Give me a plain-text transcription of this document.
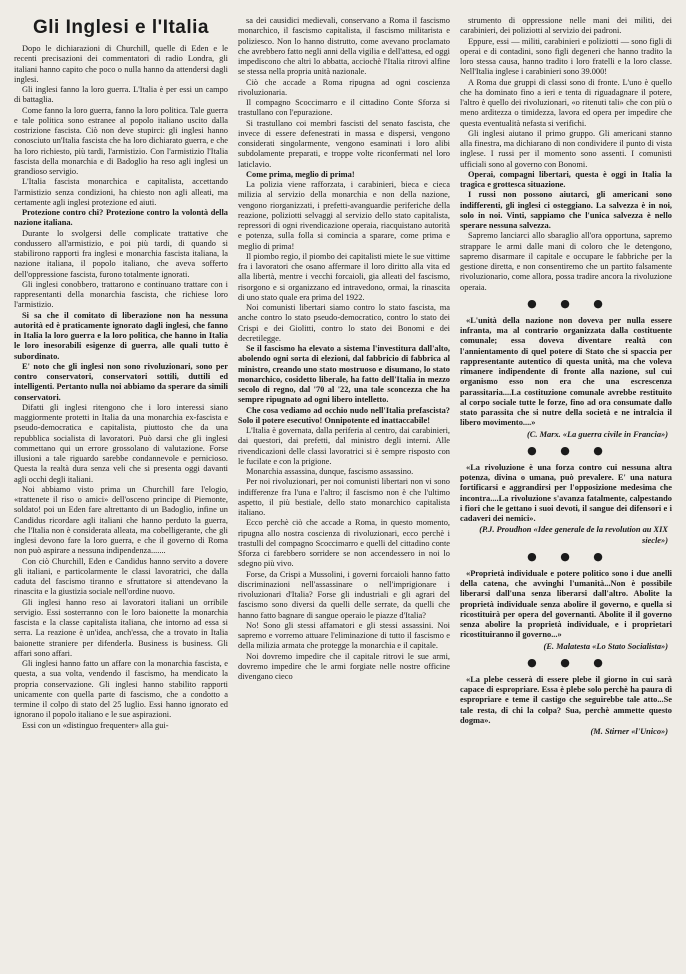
Gli Inglesi e l'Italia

Dopo le dichiarazioni di Churchill, quelle di Eden e le recenti precisazioni dei commentatori di radio Londra, gli italiani hanno capito che poco o nulla hanno da attendersi dagli inglesi.

Gli inglesi fanno la loro guerra. L'Italia è per essi un campo di battaglia.

Come fanno la loro guerra, fanno la loro politica. Tale guerra e tale politica sono estranee al popolo italiano uscito dalla costrizione fascista. Ciò non deve stupirci: gli inglesi hanno conosciuto un'Italia fascista che ha loro dichiarato guerra, e che ha loro richiesto, più tardi, l'armistizio. Con l'armistizio l'Italia fascista della monarchia e di Badoglio ha reso agli inglesi un grandioso servigio.

L'Italia fascista monarchica e capitalista, accettando l'armistizio senza condizioni, ha chiesto non agli alleati, ma certamente agli inglesi protezione ed aiuti.

Protezione contro chi? Protezione contro la volontà della nazione italiana.

Durante lo svolgersi delle complicate trattative che condussero all'armistizio, e poi più tardi, di quando si stabilirono rapporti fra inglesi e monarchia fascista italiana, la nazione italiana, il popolo italiano, che aveva sofferto dell'oppressione fascista, furono totalmente ignorati.

Gli inglesi conobbero, trattarono e continuano trattare con i rappresentanti della monarchia fascista, che richiese loro l'armistizio.

Si sa che il comitato di liberazione non ha nessuna autorità ed è praticamente ignorato dagli inglesi, che fanno in Italia la loro guerra e la loro politica, che hanno in Italia le loro inesorabili esigenze di guerra, alle quali tutto è subordinato.

E' noto che gli inglesi non sono rivoluzionari, sono per contro conservatori, conservatori sottili, duttili ed intelligenti. Pertanto nulla noi abbiamo da sperare da simili conservatori.

Difatti gli inglesi ritengono che i loro interessi siano maggiormente protetti in Italia da una monarchia ex-fascista e pseudo-democratica e capitalista, piuttosto che da una repubblica socialista di lavoratori. Può darsi che gli inglesi commettano qui un errore grossolano di valutazione. Forse illusioni a tale riguardo sarebbe condannevole e pernicioso. Questa la realtà dura senza veli che si presenta oggi davanti agli occhi degli italiani.

Noi abbiamo visto prima un Churchill fare l'elogio, «trattenete il riso o amici» dell'osceno principe di Piemonte, soldato! poi un Eden fare altrettanto di un Badoglio, infine un Candidus ricordare agli italiani che hanno perduto la guerra, che l'Italia non è considerata alleata, ma cobelligerante, che gli inglesi devono fare la loro guerra, e che il governo di Roma non può aspirare a nessuna indipendenza.......

Con ciò Churchill, Eden e Candidus hanno servito a dovere gli italiani, e particolarmente le classi lavoratrici, che dalla caduta del fascismo tiranno e sfruttatore si attendevano la rinascita e la giustizia sociale nell'ordine nuovo.

Gli inglesi hanno reso ai lavoratori italiani un orribile servigio. Essi sosterranno con le loro baionette la monarchia fascista e la classe capitalista italiana, che intorno ad essa si serra. La reazione è un'idea, anch'essa, che a trovato in Italia baionette straniere per difenderla. Business is business. Gli affari sono affari.

Gli inglesi hanno fatto un affare con la monarchia fascista, e questa, a sua volta, vendendo il fascismo, ha mendicato la propria conservazione. Gli inglesi hanno stabilito rapporti unicamente con quella parte di fascismo, che a condotto a termine il colpo di stato del 25 luglio. Essi hanno ignorato ed ignorano il popolo italiano e le sue aspirazioni.

Essi con un «distinguo frequenter» alla gui-

sa dei causidici medievali, conservano a Roma il fascismo monarchico, il fascismo capitalista, il fascismo militarista e poliziesco. Non lo hanno distrutto, come avevano proclamato che avrebbero fatto negli anni della vigilia e dell'attesa, ed oggi impediscono che altri lo abbatta, acciochè l'Italia ritrovi alfine se stessa nella propria unità nazionale.

Ciò che accade a Roma ripugna ad ogni coscienza rivoluzionaria.

Il compagno Scoccimarro e il cittadino Conte Sforza si trastullano con l'epurazione.

Si trastullano coi membri fascisti del senato fascista, che invece di essere defenestrati in massa e dispersi, vengono considerati singolarmente, vengono esaminati i loro alibi subdolamente preparati, e troppe volte riconfermati nel loro laticlavio.

Come prima, meglio di prima!

La polizia viene rafforzata, i carabinieri, bieca e cieca milizia al servizio della monarchia e non della nazione, vengono riorganizzati, i prefetti-avanguardie periferiche della reazione, poliziotti selvaggi al servizio dello stato capitalista, repressori di ogni rivendicazione operaia, riacquistano autorità e potenza, sulla folla si comincia a sparare, come prima e meglio di prima!

Il piombo regio, il piombo dei capitalisti miete le sue vittime fra i lavoratori che osano affermare il loro diritto alla vita ed alla libertà, mentre i vecchi forcaioli, gia alleati del fascismo, risorgono e si organizzano ed intravedono, ormai, la rinascita di uno stato quale era prima del 1922.

Noi comunisti libertari siamo contro lo stato fascista, ma anche contro lo stato pseudo-democratico, contro lo stato dei Crispi e dei Giolitti, contro lo stato dei Bonomi e dei decretilegge.

Se il fascismo ha elevato a sistema l'investitura dall'alto, abolendo ogni sorta di elezioni, dal fabbricio di fabbrica al ministro, creando uno stato mostruoso e disumano, lo stato monarchico, cosidetto liberale, ha fatto dell'Italia in mezzo secolo di regno, dal '70 al '22, una tale sconcezza che ha sempre ripugnato ad ogni libero intelletto.

Che cosa vediamo ad occhio nudo nell'Italia prefascista? Solo il potere esecutivo! Onnipotente ed inattaccabile!

L'Italia è governata, dalla periferia al centro, dai carabinieri, dai questori, dai prefetti, dal ministro degli interni. Alle rivendicazioni delle classi lavoratrici si è sempre risposto con le fucilate e con la prigione.

Monarchia assassina, dunque, fascismo assassino.

Per noi rivoluzionari, per noi comunisti libertari non vi sono indifferenze fra l'una e l'altro; il fascismo non è che l'ultimo aspetto, il più bestiale, dello stato monarchico capitalista italiano.

Ecco perchè ciò che accade a Roma, in questo momento, ripugna allo nostra coscienza di rivoluzionari, ecco perchè i trastulli del compagno Scoccimarro e quelli del cittadino conte Sforza ci farebbero sorridere se non accendessero in noi lo sdegno più vivo.

Forse, da Crispi a Mussolini, i governi forcaioli hanno fatto discriminazioni nell'assassinare o nell'imprigionare i rivoluzionari d'Italia? Forse gli industriali e gli agrari del fascismo sono diversi da quelli delle serrate, da quelli che hanno fatto bagnare di sangue operaio le piazze d'Italia?

No! Sono gli stessi affamatori e gli stessi assassini. Noi sapremo e vorremo attuare l'eliminazione di tutto il fascismo e della milizia armata che protegge la monarchia e il capitale.

Noi dovremo impedire che il capitale ritrovi le sue armi, dovremo impedire che le armi forgiate nelle nostre officine divengano cieco

strumento di oppressione nelle mani dei militi, dei carabinieri, dei poliziotti al servizio dei padroni.

Eppure, essi — militi, carabinieri e poliziotti — sono figli di operai e di contadini, sono figli degeneri che hanno tradito la loro stessa causa, hanno tradito i loro fratelli e la loro classe. Nell'Italia inglese i carabinieri sono 39.000!

A Roma due gruppi di classi sono di fronte. L'uno è quello che ha dominato fino a ieri e tenta di riguadagnare il potere, l'altro è quello dei rivoluzionari, «o ritenuti tali» che con più o meno arditezza o timidezza, lavora ed opera per impedire che questa eventualità nefasta si verifichi.

Gli inglesi aiutano il primo gruppo. Gli americani stanno alla finestra, ma dichiarano di non condividere il punto di vista inglese. I russi per il momento sono assenti. I comunisti ufficiali sono al governo con Bonomi.

Operai, compagni libertari, questa è oggi in Italia la tragica e grottesca situazione.

I russi non possono aiutarci, gli americani sono indifferenti, gli inglesi ci osteggiano. La salvezza è in noi, solo in noi. Vinti, sappiamo che l'unica salvezza è nello sperare nessuna salvezza.

Sapremo lanciarci allo sbaraglio all'ora opportuna, sapremo strappare le armi dalle mani di coloro che le detengono, sapremo disarmare il capitale e occupare le fabbriche per la gestione diretta, e non consentiremo che un partito falsamente rivoluzionario, come allora, possa tradire ancora la rivoluzione operaia.

● ● ●

«L'unità della nazione non doveva per nulla essere infranta, ma al contrario organizzata dalla costituente comunale; essa doveva diventare realtà con l'annientamento di quel potere di Stato che si spaccia per rappresentante autentico di questa unità, ma che voleva rimanere indipendente di fronte alla nazione, sul cui organismo esso non era che una escrescenza parassitaria....La costituzione comunale avrebbe restituito al corpo sociale tutte le forze, fino ad ora consumate dallo stato parassita che si nutre della società e ne intralcia il libero movimento....»

(C. Marx. «La guerra civile in Francia»)
● ● ●

«La rivoluzione è una forza contro cui nessuna altra potenza, divina o umana, può prevalere. E' una natura fortificarsi e aggrandirsi per l'opposizione medesima che incontra....La rivoluzione s'avanza fatalmente, calpestando i fiori che le gettano i suoi devoti, il sangue dei difensori e i cadaveri dei nemici».

(P.J. Proudhon «Idee generale de la revolution au XIX siecle»)
● ● ●

«Proprietà individuale e potere politico sono i due anelli della catena, che avvinghi l'umanità...Non è possibile liberarsi dall'una senza liberarsi dall'altro. Abolite la proprietà individuale senza abolire il governo, e quella si ricostituirà per opera del governanti. Abolite il il governo senza abolire la proprietà individuale, e i proprietari ricostituiranno il governo...»

(E. Malatesta «Lo Stato Socialista»)
● ● ●

«La plebe cesserà di essere plebe il giorno in cui sarà capace di espropriare. Essa è plebe solo perchè ha paura di espropriare e teme il castigo che seguirebbe tale atto...Se tale resta, di chi la colpa? Sua, perchè ammette questo dogma».

(M. Stirner «l'Unico»)
